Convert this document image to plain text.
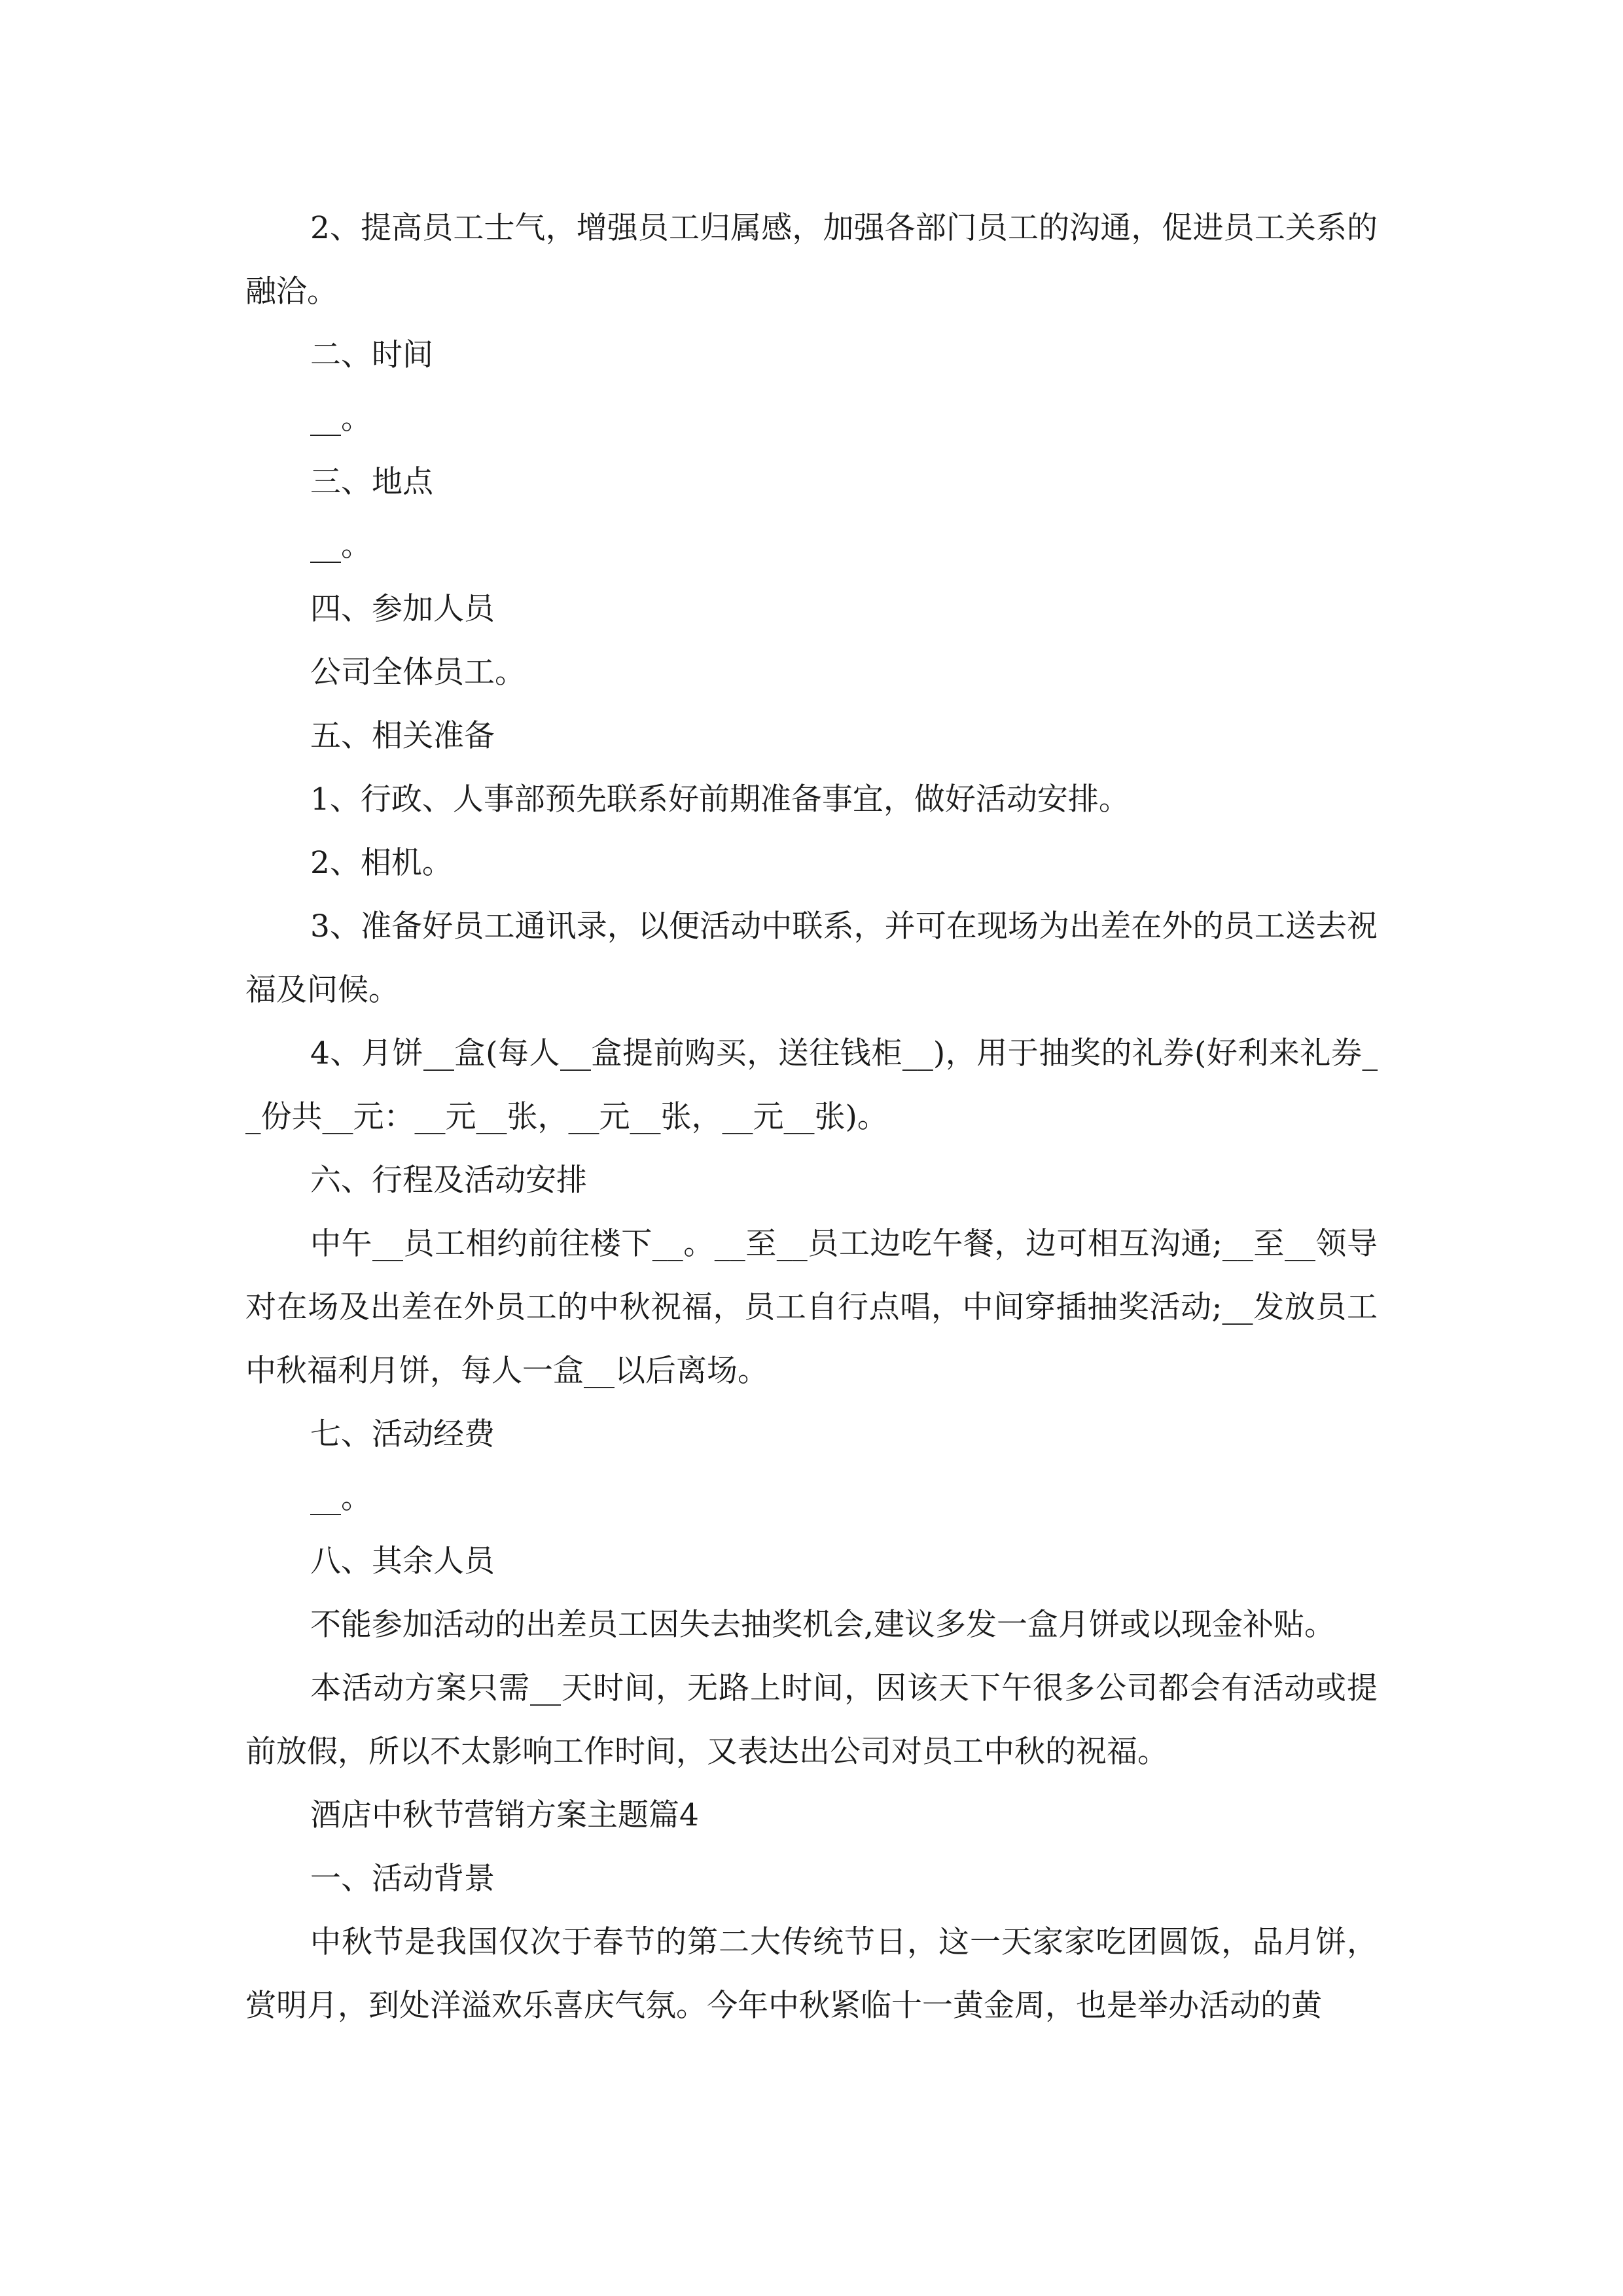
2、提高员工士气，增强员工归属感，加强各部门员工的沟通，促进员工关系的融洽。

二、时间

__。

三、地点

__。

四、参加人员

公司全体员工。

五、相关准备

1、行政、人事部预先联系好前期准备事宜，做好活动安排。

2、相机。

3、准备好员工通讯录，以便活动中联系，并可在现场为出差在外的员工送去祝福及问候。

4、月饼__盒(每人__盒提前购买，送往钱柜__)，用于抽奖的礼券(好利来礼券__份共__元：__元__张，__元__张，__元__张)。

六、行程及活动安排

中午__员工相约前往楼下__。__至__员工边吃午餐，边可相互沟通;__至__领导对在场及出差在外员工的中秋祝福，员工自行点唱，中间穿插抽奖活动;__发放员工中秋福利月饼，每人一盒__以后离场。

七、活动经费

__。

八、其余人员

不能参加活动的出差员工因失去抽奖机会,建议多发一盒月饼或以现金补贴。

本活动方案只需__天时间，无路上时间，因该天下午很多公司都会有活动或提前放假，所以不太影响工作时间，又表达出公司对员工中秋的祝福。

酒店中秋节营销方案主题篇4

一、活动背景

中秋节是我国仅次于春节的第二大传统节日，这一天家家吃团圆饭，品月饼，赏明月，到处洋溢欢乐喜庆气氛。今年中秋紧临十一黄金周，也是举办活动的黄
